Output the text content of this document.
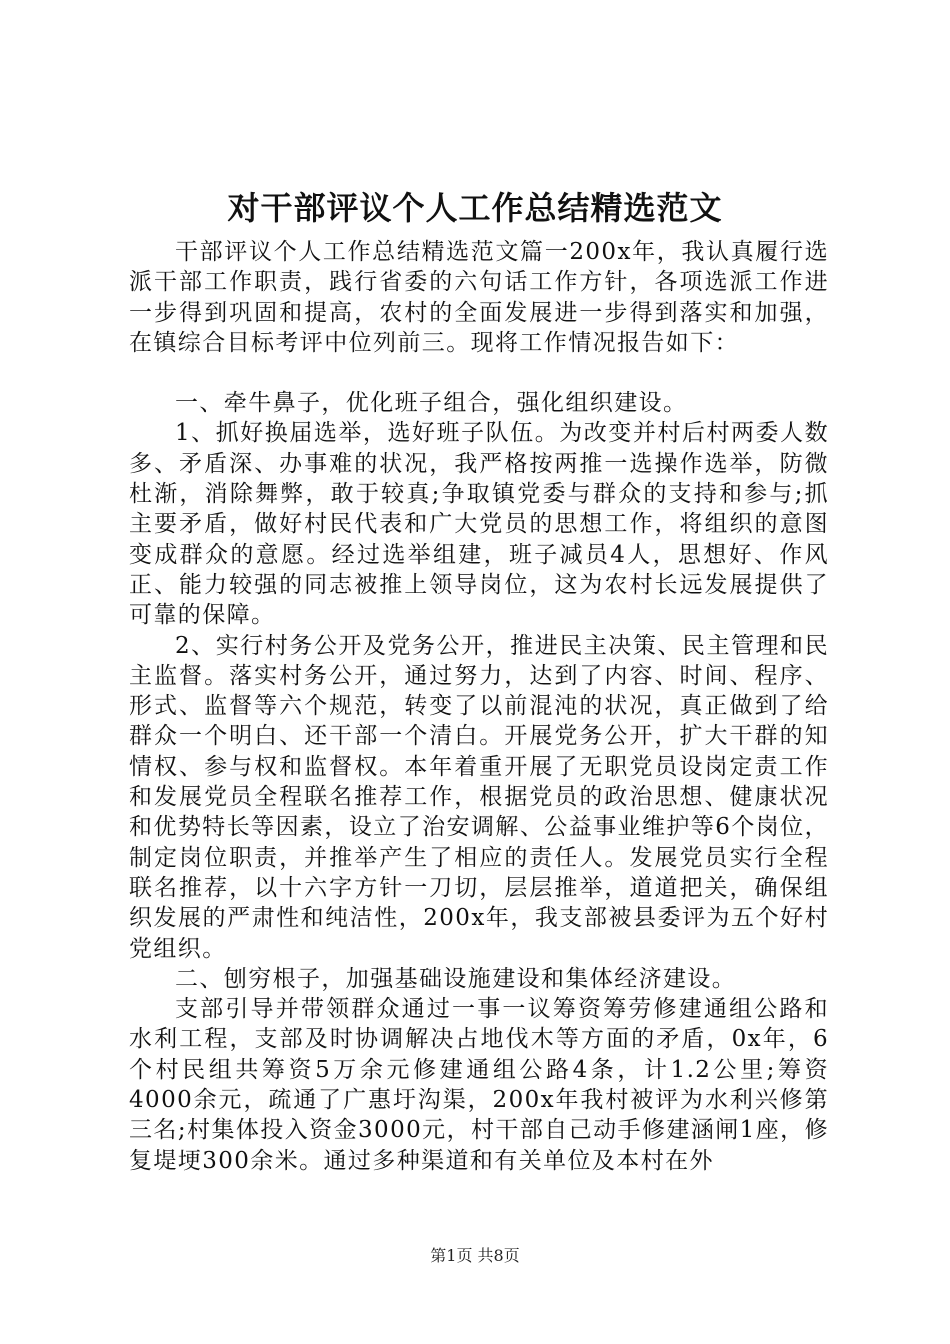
对干部评议个人工作总结精选范文

干部评议个人工作总结精选范文篇一200x年，我认真履行选派干部工作职责，践行省委的六句话工作方针，各项选派工作进一步得到巩固和提高，农村的全面发展进一步得到落实和加强，在镇综合目标考评中位列前三。现将工作情况报告如下：

一、牵牛鼻子，优化班子组合，强化组织建设。

1、抓好换届选举，选好班子队伍。为改变并村后村两委人数多、矛盾深、办事难的状况，我严格按两推一选操作选举，防微杜渐，消除舞弊，敢于较真;争取镇党委与群众的支持和参与;抓主要矛盾，做好村民代表和广大党员的思想工作，将组织的意图变成群众的意愿。经过选举组建，班子减员4人，思想好、作风正、能力较强的同志被推上领导岗位，这为农村长远发展提供了可靠的保障。

2、实行村务公开及党务公开，推进民主决策、民主管理和民主监督。落实村务公开，通过努力，达到了内容、时间、程序、形式、监督等六个规范，转变了以前混沌的状况，真正做到了给群众一个明白、还干部一个清白。开展党务公开，扩大干群的知情权、参与权和监督权。本年着重开展了无职党员设岗定责工作和发展党员全程联名推荐工作，根据党员的政治思想、健康状况和优势特长等因素，设立了治安调解、公益事业维护等6个岗位，制定岗位职责，并推举产生了相应的责任人。发展党员实行全程联名推荐，以十六字方针一刀切，层层推举，道道把关，确保组织发展的严肃性和纯洁性，200x年，我支部被县委评为五个好村党组织。

二、刨穷根子，加强基础设施建设和集体经济建设。

支部引导并带领群众通过一事一议筹资筹劳修建通组公路和水利工程，支部及时协调解决占地伐木等方面的矛盾，0x年，6个村民组共筹资5万余元修建通组公路4条，计1.2公里;筹资4000余元，疏通了广惠圩沟渠，200x年我村被评为水利兴修第三名;村集体投入资金3000元，村干部自己动手修建涵闸1座，修复堤埂300余米。通过多种渠道和有关单位及本村在外

第1页 共8页
